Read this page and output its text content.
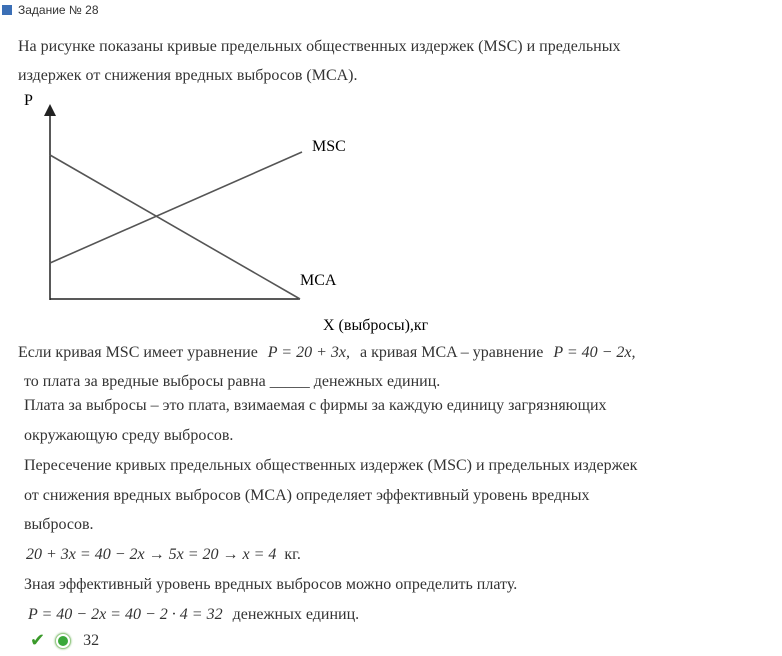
Задание № 28
На рисунке показаны кривые предельных общественных издержек (MSC) и предельных
издержек от снижения вредных выбросов (MCA).
P
MSC
MCA
X (выбросы),кг
Если кривая MSC имеет уравнение P = 20 + 3x, а кривая MCA – уравнение P = 40 − 2x,
то плата за вредные выбросы равна _____ денежных единиц.
Плата за выбросы – это плата, взимаемая с фирмы за каждую единицу загрязняющих
окружающую среду выбросов.
Пересечение кривых предельных общественных издержек (MSC) и предельных издержек
от снижения вредных выбросов (MCA) определяет эффективный уровень вредных
выбросов.
20 + 3x = 40 − 2x → 5x = 20 → x = 4 кг.
Зная эффективный уровень вредных выбросов можно определить плату.
P = 40 − 2x = 40 − 2 · 4 = 32 денежных единиц.
✔ 32
